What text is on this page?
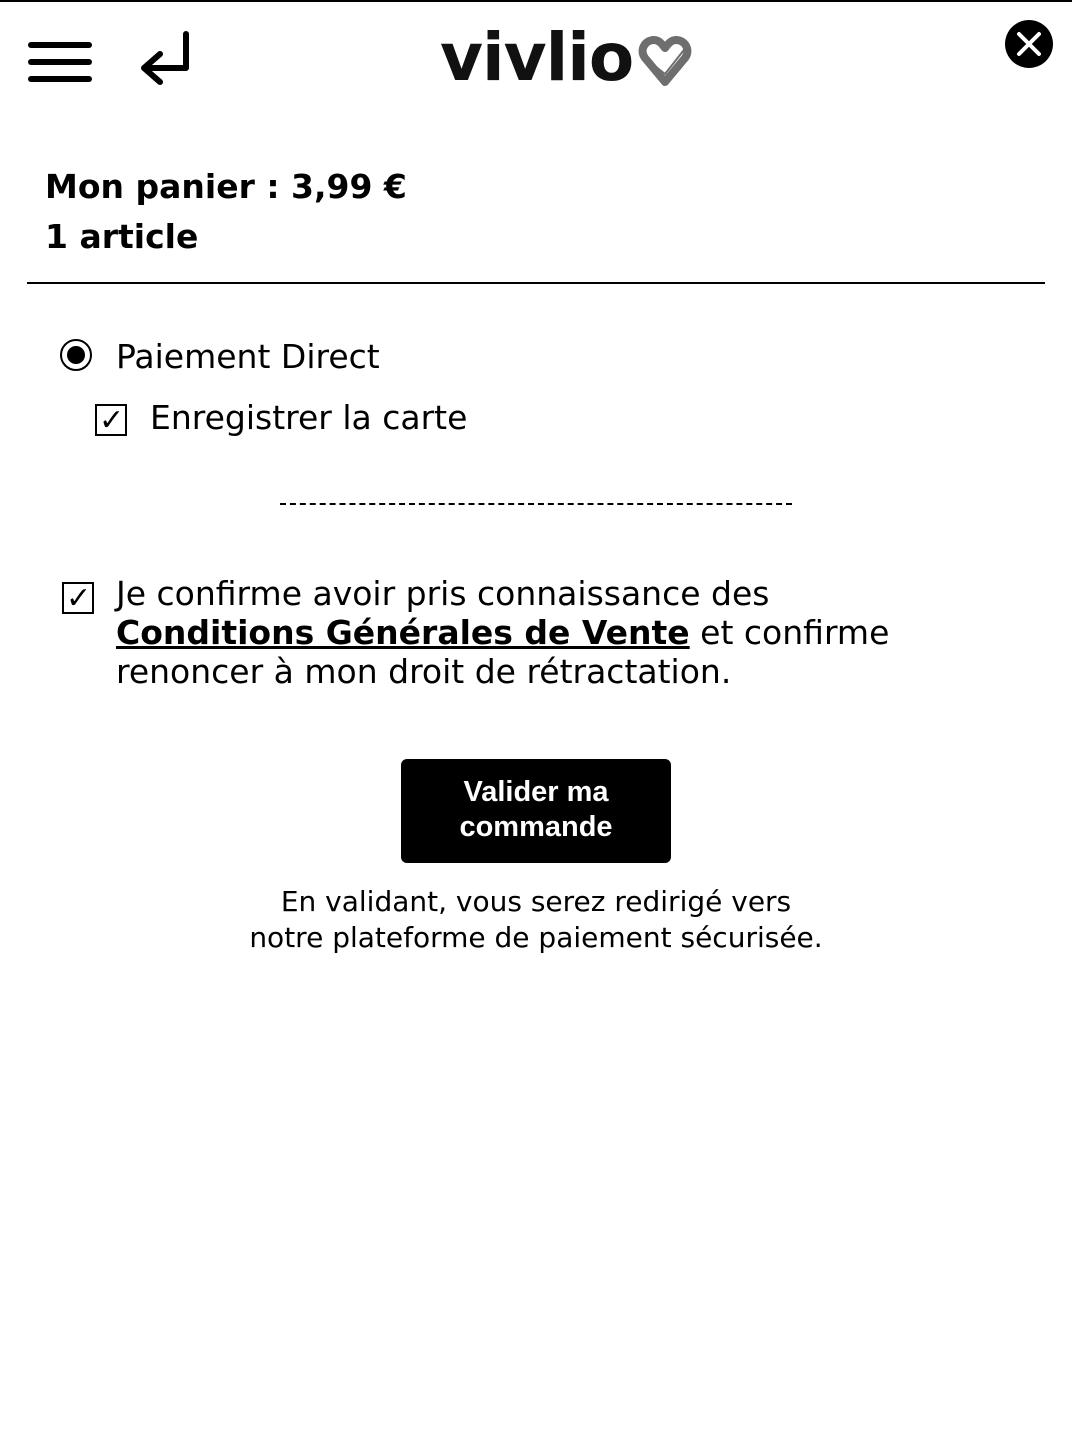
vivlio
Mon panier : 3,99 €
1 article
Paiement Direct
✓ Enregistrer la carte
✓ Je confirme avoir pris connaissance des
Conditions Générales de Vente et confirme renoncer à mon droit de rétractation.
Valider ma commande
En validant, vous serez redirigé vers
notre plateforme de paiement sécurisée.
